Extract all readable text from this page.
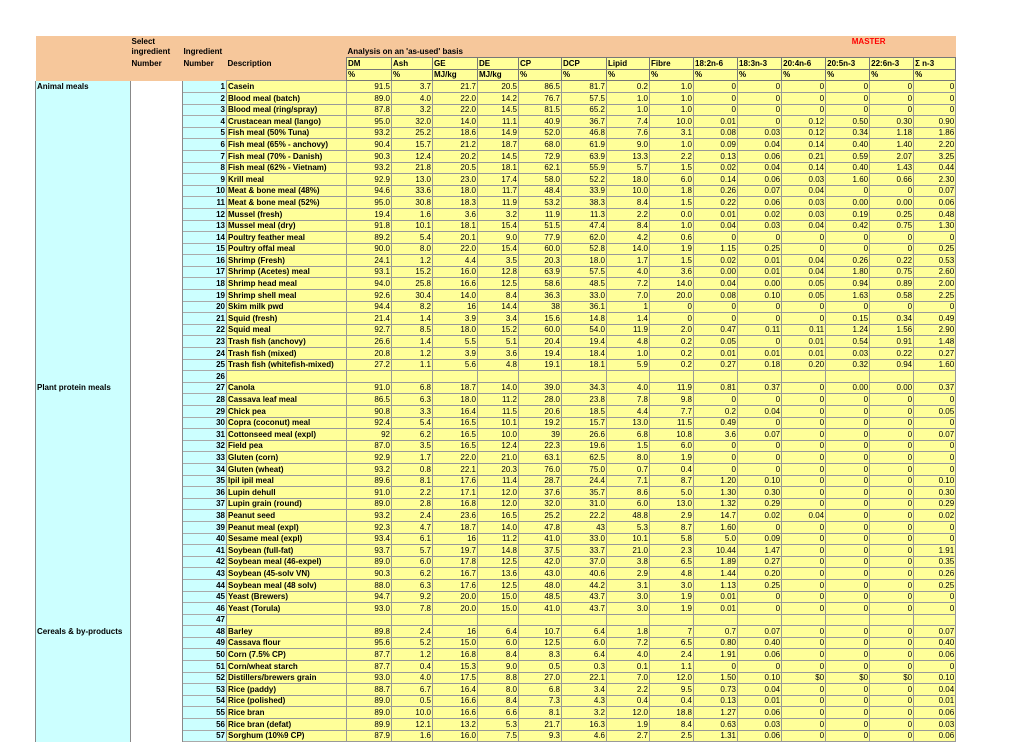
	Select													MASTER			
	ingredient	Ingredient		Analysis on an 'as-used' basis													
	Number	Number	Description	DM	Ash	GE	DE	CP	DCP	Lipid	Fibre	18:2n-6	18:3n-3	20:4n-6	20:5n-3	22:6n-3	Σ n-3
				%	%	MJ/kg	MJ/kg	%	%	%	%	%	%	%	%	%	%
Animal meals		1	Casein	91.5	3.7	21.7	20.5	86.5	81.7	0.2	1.0	0	0	0	0	0	0
		2	Blood meal (batch)	89.0	4.0	22.0	14.2	76.7	57.5	1.0	1.0	0	0	0	0	0	0
		3	Blood meal (ring/spray)	87.8	3.2	22.0	14.5	81.5	65.2	1.0	1.0	0	0	0	0	0	0
		4	Crustacean meal (lango)	95.0	32.0	14.0	11.1	40.9	36.7	7.4	10.0	0.01	0	0.12	0.50	0.30	0.90
		5	Fish meal (50% Tuna)	93.2	25.2	18.6	14.9	52.0	46.8	7.6	3.1	0.08	0.03	0.12	0.34	1.18	1.86
		6	Fish meal (65% - anchovy)	90.4	15.7	21.2	18.7	68.0	61.9	9.0	1.0	0.09	0.04	0.14	0.40	1.40	2.20
		7	Fish meal (70% - Danish)	90.3	12.4	20.2	14.5	72.9	63.9	13.3	2.2	0.13	0.06	0.21	0.59	2.07	3.25
		8	Fish meal (62% - Vietnam)	93.2	21.8	20.5	18.1	62.1	55.9	5.7	1.5	0.02	0.04	0.14	0.40	1.43	0.44
		9	Krill meal	92.9	13.0	23.0	17.4	58.0	52.2	18.0	6.0	0.14	0.06	0.03	1.60	0.66	2.30
		10	Meat & bone meal (48%)	94.6	33.6	18.0	11.7	48.4	33.9	10.0	1.8	0.26	0.07	0.04	0	0	0.07
		11	Meat & bone meal (52%)	95.0	30.8	18.3	11.9	53.2	38.3	8.4	1.5	0.22	0.06	0.03	0.00	0.00	0.06
		12	Mussel (fresh)	19.4	1.6	3.6	3.2	11.9	11.3	2.2	0.0	0.01	0.02	0.03	0.19	0.25	0.48
		13	Mussel meal (dry)	91.8	10.1	18.1	15.4	51.5	47.4	8.4	1.0	0.04	0.03	0.04	0.42	0.75	1.30
		14	Poultry feather meal	89.2	5.4	20.1	9.0	77.9	62.0	4.2	0.6	0	0	0	0	0	0
		15	Poultry offal meal	90.0	8.0	22.0	15.4	60.0	52.8	14.0	1.9	1.15	0.25	0	0	0	0.25
		16	Shrimp (Fresh)	24.1	1.2	4.4	3.5	20.3	18.0	1.7	1.5	0.02	0.01	0.04	0.26	0.22	0.53
		17	Shrimp (Acetes) meal	93.1	15.2	16.0	12.8	63.9	57.5	4.0	3.6	0.00	0.01	0.04	1.80	0.75	2.60
		18	Shrimp head meal	94.0	25.8	16.6	12.5	58.6	48.5	7.2	14.0	0.04	0.00	0.05	0.94	0.89	2.00
		19	Shrimp shell meal	92.6	30.4	14.0	8.4	36.3	33.0	7.0	20.0	0.08	0.10	0.05	1.63	0.58	2.25
		20	Skim milk pwd	94.4	8.2	16	14.4	38	36.1	1	0	0	0	0	0	0	0
		21	Squid (fresh)	21.4	1.4	3.9	3.4	15.6	14.8	1.4	0	0	0	0	0.15	0.34	0.49
		22	Squid meal	92.7	8.5	18.0	15.2	60.0	54.0	11.9	2.0	0.47	0.11	0.11	1.24	1.56	2.90
		23	Trash fish (anchovy)	26.6	1.4	5.5	5.1	20.4	19.4	4.8	0.2	0.05	0	0.01	0.54	0.91	1.48
		24	Trash fish (mixed)	20.8	1.2	3.9	3.6	19.4	18.4	1.0	0.2	0.01	0.01	0.01	0.03	0.22	0.27
		25	Trash fish (whitefish-mixed)	27.2	1.1	5.6	4.8	19.1	18.1	5.9	0.2	0.27	0.18	0.20	0.32	0.94	1.60
		26															
Plant protein meals		27	Canola	91.0	6.8	18.7	14.0	39.0	34.3	4.0	11.9	0.81	0.37	0	0.00	0.00	0.37
		28	Cassava leaf meal	86.5	6.3	18.0	11.2	28.0	23.8	7.8	9.8	0	0	0	0	0	0
		29	Chick pea	90.8	3.3	16.4	11.5	20.6	18.5	4.4	7.7	0.2	0.04	0	0	0	0.05
		30	Copra (coconut) meal	92.4	5.4	16.5	10.1	19.2	15.7	13.0	11.5	0.49	0	0	0	0	0
		31	Cottonseed meal (expl)	92	6.2	16.5	10.0	39	26.6	6.8	10.8	3.6	0.07	0	0	0	0.07
		32	Field pea	87.0	3.5	16.5	12.4	22.3	19.6	1.5	6.0	0	0	0	0	0	0
		33	Gluten (corn)	92.9	1.7	22.0	21.0	63.1	62.5	8.0	1.9	0	0	0	0	0	0
		34	Gluten (wheat)	93.2	0.8	22.1	20.3	76.0	75.0	0.7	0.4	0	0	0	0	0	0
		35	Ipil ipil meal	89.6	8.1	17.6	11.4	28.7	24.4	7.1	8.7	1.20	0.10	0	0	0	0.10
		36	Lupin dehull	91.0	2.2	17.1	12.0	37.6	35.7	8.6	5.0	1.30	0.30	0	0	0	0.30
		37	Lupin grain (round)	89.0	2.8	16.8	12.0	32.0	31.0	6.0	13.0	1.32	0.29	0	0	0	0.29
		38	Peanut seed	93.2	2.4	23.6	16.5	25.2	22.2	48.8	2.9	14.7	0.02	0.04	0	0	0.02
		39	Peanut meal (expl)	92.3	4.7	18.7	14.0	47.8	43	5.3	8.7	1.60	0	0	0	0	0
		40	Sesame meal (expl)	93.4	6.1	16	11.2	41.0	33.0	10.1	5.8	5.0	0.09	0	0	0	0
		41	Soybean (full-fat)	93.7	5.7	19.7	14.8	37.5	33.7	21.0	2.3	10.44	1.47	0	0	0	1.91
		42	Soybean meal (46-expel)	89.0	6.0	17.8	12.5	42.0	37.0	3.8	6.5	1.89	0.27	0	0	0	0.35
		43	Soybean (45-solv VN)	90.3	6.2	16.7	13.6	43.0	40.6	2.9	4.8	1.44	0.20	0	0	0	0.26
		44	Soybean meal (48 solv)	88.0	6.3	17.6	12.5	48.0	44.2	3.1	3.0	1.13	0.25	0	0	0	0.25
		45	Yeast (Brewers)	94.7	9.2	20.0	15.0	48.5	43.7	3.0	1.9	0.01	0	0	0	0	0
		46	Yeast (Torula)	93.0	7.8	20.0	15.0	41.0	43.7	3.0	1.9	0.01	0	0	0	0	0
		47															
Cereals & by-products		48	Barley	89.8	2.4	16	6.4	10.7	6.4	1.8	7	0.7	0.07	0	0	0	0.07
		49	Cassava flour	95.6	5.2	15.0	6.0	12.5	6.0	7.2	6.5	0.80	0.40	0	0	0	0.40
		50	Corn (7.5% CP)	87.7	1.2	16.8	8.4	8.3	6.4	4.0	2.4	1.91	0.06	0	0	0	0.06
		51	Corn/wheat starch	87.7	0.4	15.3	9.0	0.5	0.3	0.1	1.1	0	0	0	0	0	0
		52	Distillers/brewers grain	93.0	4.0	17.5	8.8	27.0	22.1	7.0	12.0	1.50	0.10	$0	$0	$0	0.10
		53	Rice (paddy)	88.7	6.7	16.4	8.0	6.8	3.4	2.2	9.5	0.73	0.04	0	0	0	0.04
		54	Rice (polished)	89.0	0.5	16.6	8.4	7.3	4.3	0.4	0.4	0.13	0.01	0	0	0	0.01
		55	Rice bran	89.0	10.0	16.6	6.6	8.1	3.2	12.0	18.8	1.27	0.06	0	0	0	0.06
		56	Rice bran (defat)	89.9	12.1	13.2	5.3	21.7	16.3	1.9	8.4	0.63	0.03	0	0	0	0.03
		57	Sorghum (10%9 CP)	87.9	1.6	16.0	7.5	9.3	4.6	2.7	2.5	1.31	0.06	0	0	0	0.06
